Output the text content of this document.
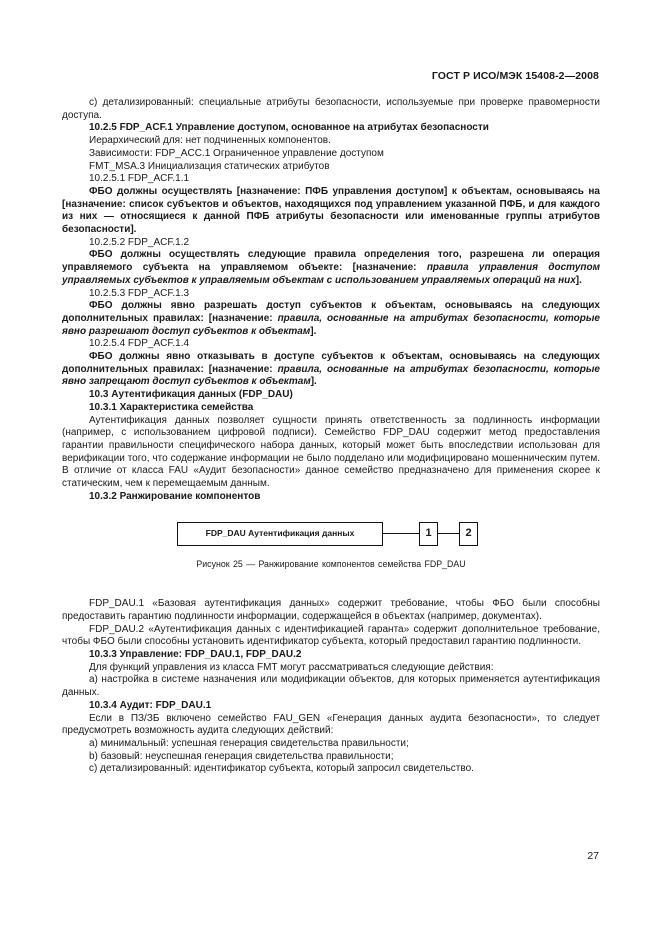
ГОСТ Р ИСО/МЭК 15408-2—2008

c) детализированный: специальные атрибуты безопасности, используемые при проверке правомерности доступа.

10.2.5 FDP_ACF.1 Управление доступом, основанное на атрибутах безопасности

Иерархический для: нет подчиненных компонентов.

Зависимости: FDP_ACC.1 Ограниченное управление доступом

FMT_MSA.3 Инициализация статических атрибутов

10.2.5.1 FDP_ACF.1.1

ФБО должны осуществлять [назначение: ПФБ управления доступом] к объектам, основываясь на [назначение: список субъектов и объектов, находящихся под управлением указанной ПФБ, и для каждого из них — относящиеся к данной ПФБ атрибуты безопасности или именованные группы атрибутов безопасности].

10.2.5.2 FDP_ACF.1.2

ФБО должны осуществлять следующие правила определения того, разрешена ли операция управляемого субъекта на управляемом объекте: [назначение: правила управления доступом управляемых субъектов к управляемым объектам с использованием управляемых операций на них].

10.2.5.3 FDP_ACF.1.3

ФБО должны явно разрешать доступ субъектов к объектам, основываясь на следующих дополнительных правилах: [назначение: правила, основанные на атрибутах безопасности, которые явно разрешают доступ субъектов к объектам].

10.2.5.4 FDP_ACF.1.4

ФБО должны явно отказывать в доступе субъектов к объектам, основываясь на следующих дополнительных правилах: [назначение: правила, основанные на атрибутах безопасности, которые явно запрещают доступ субъектов к объектам].

10.3 Аутентификация данных (FDP_DAU)

10.3.1 Характеристика семейства

Аутентификация данных позволяет сущности принять ответственность за подлинность информации (например, с использованием цифровой подписи). Семейство FDP_DAU содержит метод предоставления гарантии правильности специфического набора данных, который может быть впоследствии использован для верификации того, что содержание информации не было подделано или модифицировано мошенническим путем. В отличие от класса FAU «Аудит безопасности» данное семейство предназначено для применения скорее к статическим, чем к перемещаемым данным.

10.3.2 Ранжирование компонентов

FDP_DAU Аутентификация данных	1	2

Рисунок 25 — Ранжирование компонентов семейства FDP_DAU

FDP_DAU.1 «Базовая аутентификация данных» содержит требование, чтобы ФБО были способны предоставить гарантию подлинности информации, содержащейся в объектах (например, документах).

FDP_DAU.2 «Аутентификация данных с идентификацией гаранта» содержит дополнительное требование, чтобы ФБО были способны установить идентификатор субъекта, который предоставил гарантию подлинности.

10.3.3 Управление: FDP_DAU.1, FDP_DAU.2

Для функций управления из класса FMT могут рассматриваться следующие действия:

а) настройка в системе назначения или модификации объектов, для которых применяется аутентификация данных.

10.3.4 Аудит: FDP_DAU.1

Если в ПЗ/ЗБ включено семейство FAU_GEN «Генерация данных аудита безопасности», то следует предусмотреть возможность аудита следующих действий:

а) минимальный: успешная генерация свидетельства правильности;

b) базовый: неуспешная генерация свидетельства правильности;

c) детализированный: идентификатор субъекта, который запросил свидетельство.

27
